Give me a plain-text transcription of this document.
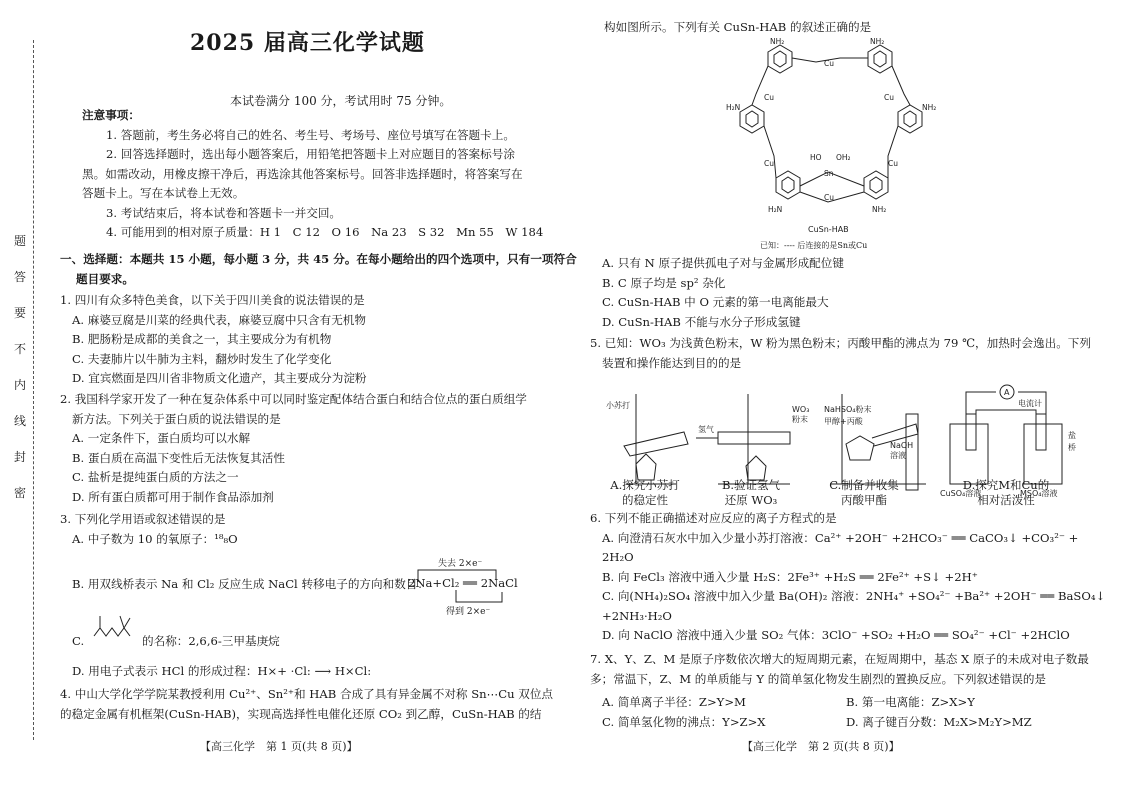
题
答
要
不
内
线
封
密
2025 届高三化学试题
本试卷满分 100 分，考试用时 75 分钟。
注意事项：
1. 答题前，考生务必将自己的姓名、考生号、考场号、座位号填写在答题卡上。
2. 回答选择题时，选出每小题答案后，用铅笔把答题卡上对应题目的答案标号涂
黑。如需改动，用橡皮擦干净后，再选涂其他答案标号。回答非选择题时，将答案写在
答题卡上。写在本试卷上无效。
3. 考试结束后，将本试卷和答题卡一并交回。
4. 可能用到的相对原子质量：H 1　C 12　O 16　Na 23　S 32　Mn 55　W 184
一、选择题：本题共 15 小题，每小题 3 分，共 45 分。在每小题给出的四个选项中，只有一项符合
题目要求。
1. 四川有众多特色美食，以下关于四川美食的说法错误的是
A. 麻婆豆腐是川菜的经典代表，麻婆豆腐中只含有无机物
B. 肥肠粉是成都的美食之一，其主要成分为有机物
C. 夫妻肺片以牛肺为主料，翻炒时发生了化学变化
D. 宜宾燃面是四川省非物质文化遗产，其主要成分为淀粉
2. 我国科学家开发了一种在复杂体系中可以同时鉴定配体结合蛋白和结合位点的蛋白质组学
新方法。下列关于蛋白质的说法错误的是
A. 一定条件下，蛋白质均可以水解
B. 蛋白质在高温下变性后无法恢复其活性
C. 盐析是提纯蛋白质的方法之一
D. 所有蛋白质都可用于制作食品添加剂
3. 下列化学用语或叙述错误的是
A. 中子数为 10 的氧原子：¹⁸₈O
B. 用双线桥表示 Na 和 Cl₂ 反应生成 NaCl 转移电子的方向和数目：
失去 2×e⁻
2Na+Cl₂ ══ 2NaCl
得到 2×e⁻
C.	的名称：2,6,6-三甲基庚烷
D. 用电子式表示 HCl 的形成过程：H×+ ·Cl: ⟶ H×Cl:
4. 中山大学化学学院某教授利用 Cu²⁺、Sn²⁺和 HAB 合成了具有异金属不对称 Sn⋯Cu 双位点
的稳定金属有机框架(CuSn-HAB)，实现高选择性电催化还原 CO₂ 到乙醇，CuSn-HAB 的结
【高三化学　第 1 页(共 8 页)】
构如图所示。下列有关 CuSn-HAB 的叙述正确的是
Cu
Cu	Cu
Cu	Cu
Sn
Cu
HO OH₂
NH₂	NH₂
H₂N	NH₂
H₂N	NH₂
CuSn-HAB
已知：---- 后连接的是Sn或Cu
A. 只有 N 原子提供孤电子对与金属形成配位键
B. C 原子均是 sp² 杂化
C. CuSn-HAB 中 O 元素的第一电离能最大
D. CuSn-HAB 不能与水分子形成氢键
5. 已知：WO₃ 为浅黄色粉末，W 粉为黑色粉末；丙酸甲酯的沸点为 79 ℃，加热时会逸出。下列
装置和操作能达到目的的是
小苏打	WO₃
粉末
氢气
NaHSO₄粉末
甲醇+丙酸
NaOH
溶液
A
电流计
盐
桥
CuSO₄溶液	MSO₄溶液
A.探究小苏打
的稳定性
B.验证氢气
还原 WO₃
C.制备并收集
丙酸甲酯
D.探究M和Cu的
相对活泼性
6. 下列不能正确描述对应反应的离子方程式的是
A. 向澄清石灰水中加入少量小苏打溶液：Ca²⁺ +2OH⁻ +2HCO₃⁻ ══ CaCO₃↓ +CO₃²⁻ +
2H₂O
B. 向 FeCl₃ 溶液中通入少量 H₂S：2Fe³⁺ +H₂S ══ 2Fe²⁺ +S↓ +2H⁺
C. 向(NH₄)₂SO₄ 溶液中加入少量 Ba(OH)₂ 溶液：2NH₄⁺ +SO₄²⁻ +Ba²⁺ +2OH⁻ ══ BaSO₄↓
+2NH₃·H₂O
D. 向 NaClO 溶液中通入少量 SO₂ 气体：3ClO⁻ +SO₂ +H₂O ══ SO₄²⁻ +Cl⁻ +2HClO
7. X、Y、Z、M 是原子序数依次增大的短周期元素，在短周期中，基态 X 原子的未成对电子数最
多；常温下，Z、M 的单质能与 Y 的简单氢化物发生剧烈的置换反应。下列叙述错误的是
A. 简单离子半径：Z>Y>M	B. 第一电离能：Z>X>Y
C. 简单氢化物的沸点：Y>Z>X	D. 离子键百分数：M₂X>M₂Y>MZ
【高三化学　第 2 页(共 8 页)】
